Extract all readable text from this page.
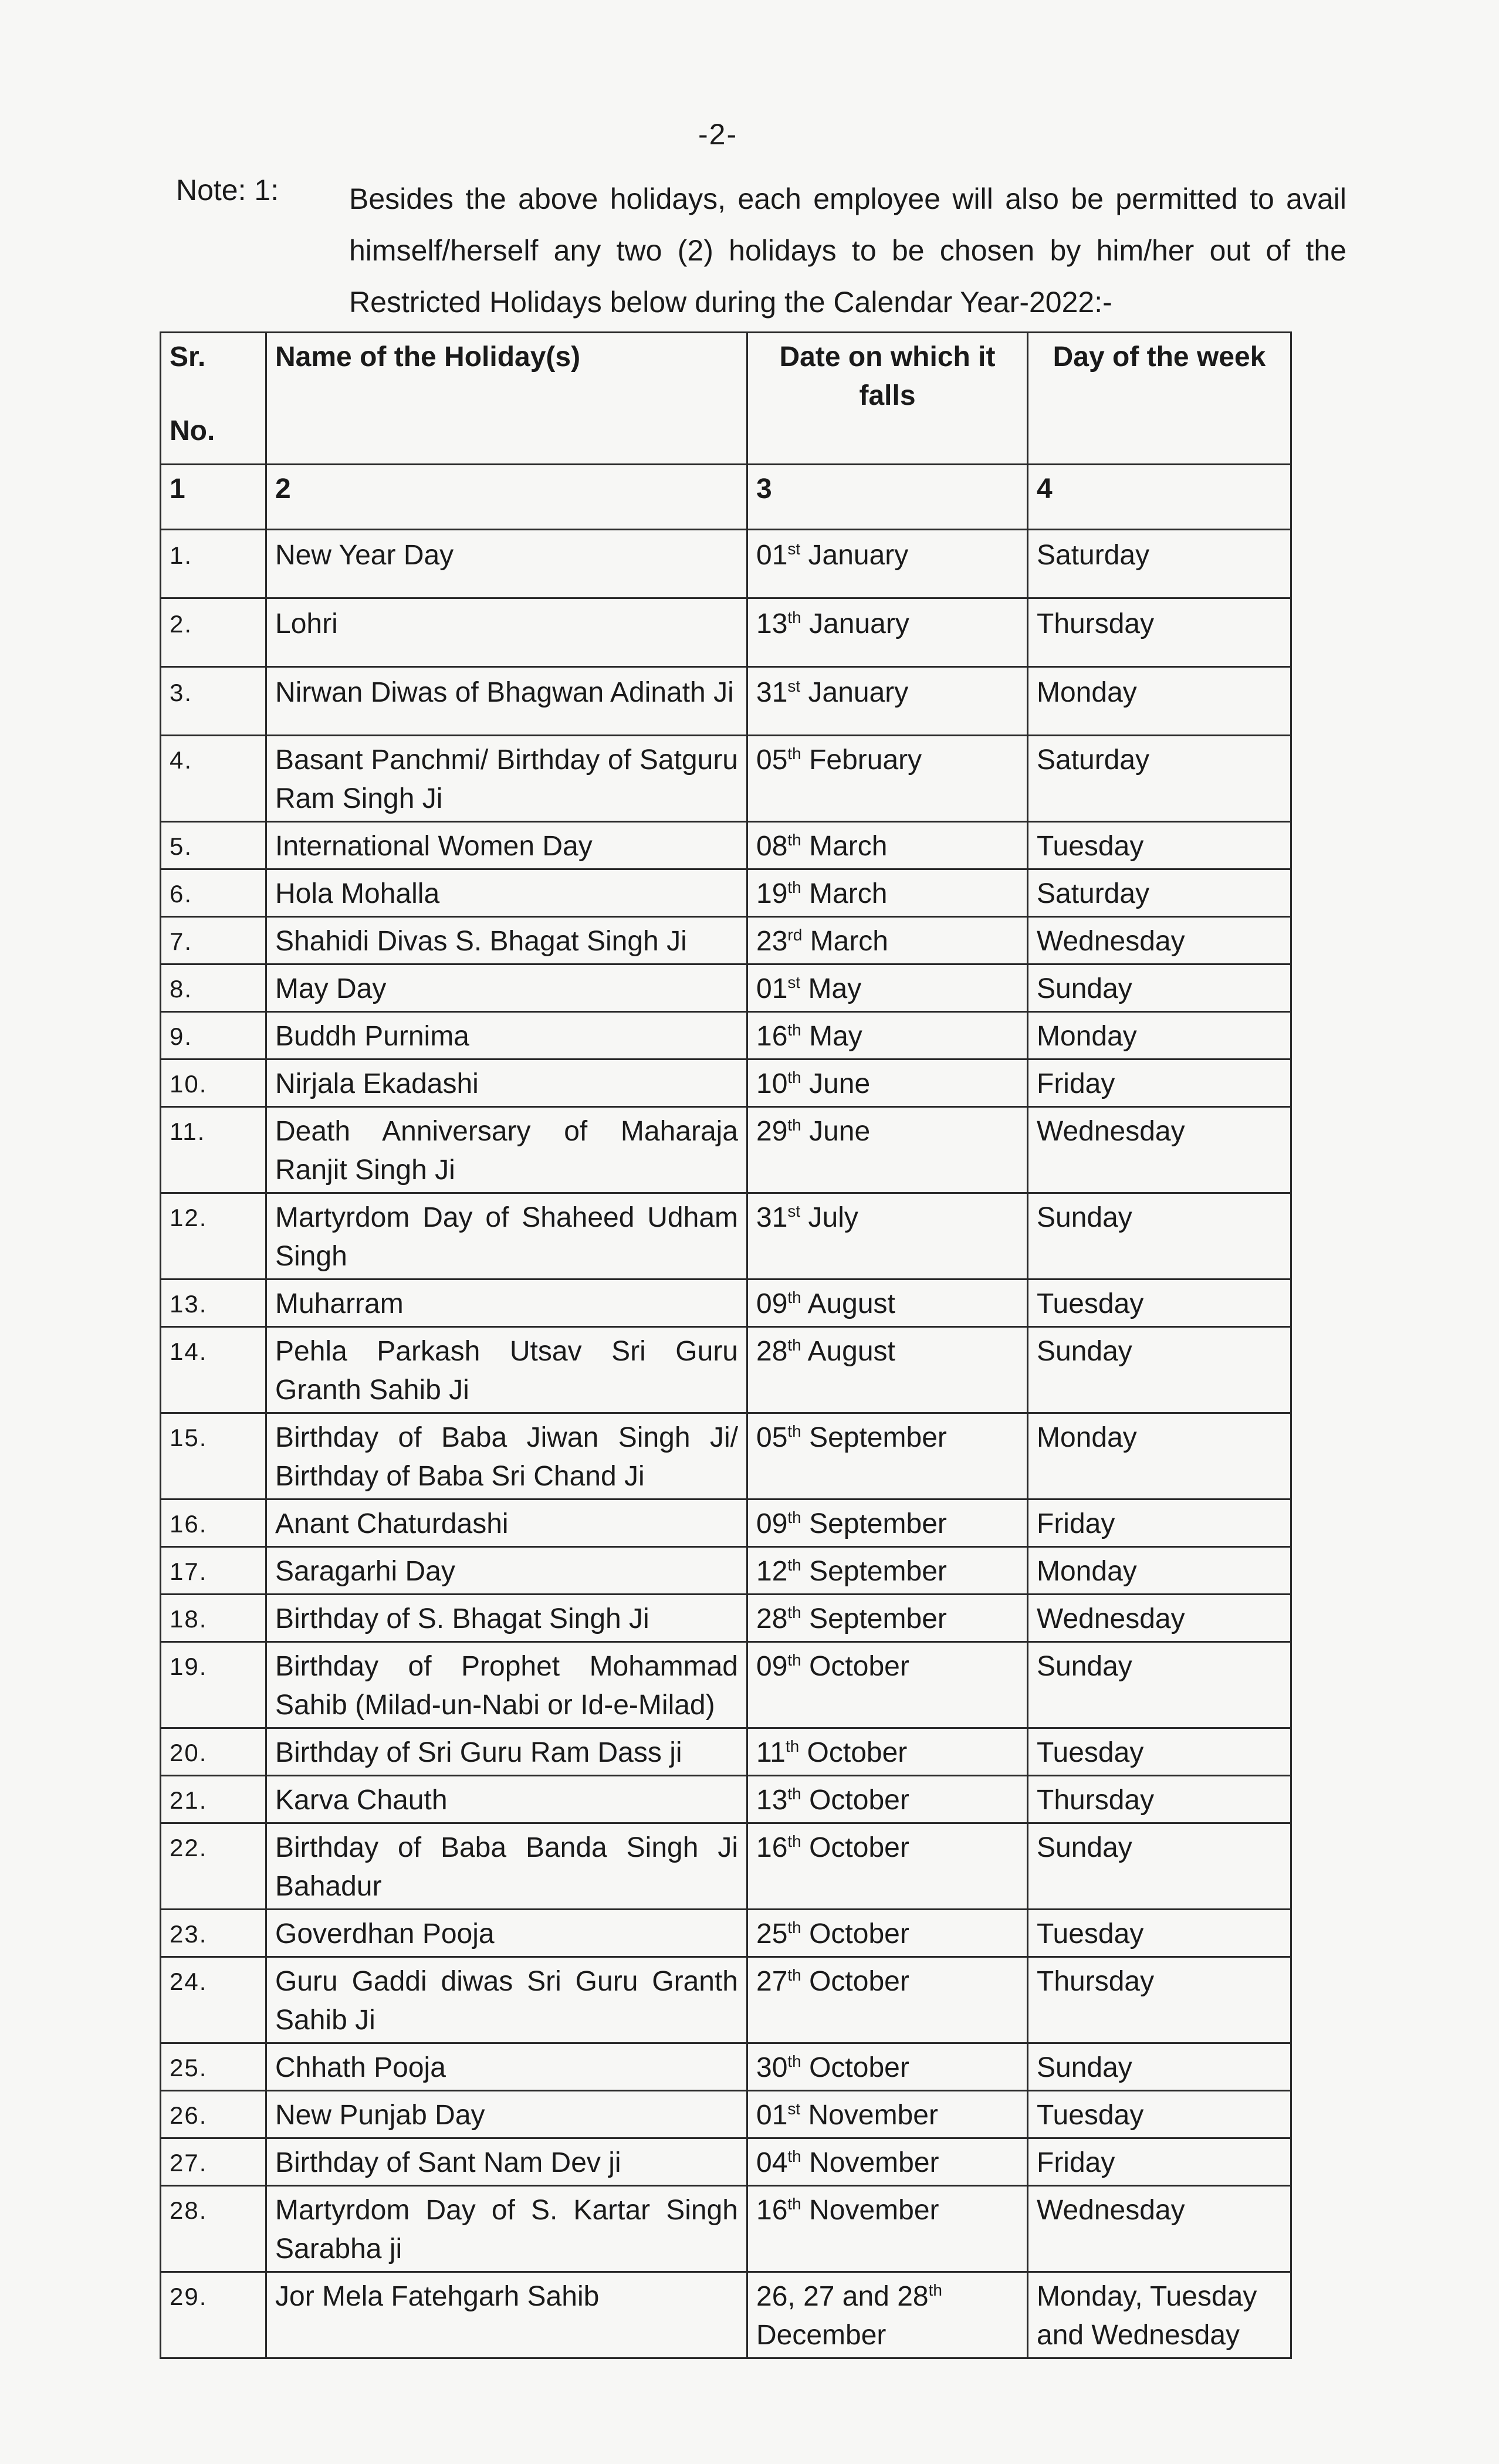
-2-
Note: 1: Besides the above holidays, each employee will also be permitted to avail
himself/herself any two (2) holidays to be chosen by him/her out of the
Restricted Holidays below during the Calendar Year-2022:-
Sr.
No.	Name of the Holiday(s)	Date on which it falls	Day of the week
1	2	3	4
1.	New Year Day	01st January	Saturday
2.	Lohri	13th January	Thursday
3.	Nirwan Diwas of Bhagwan Adinath Ji	31st January	Monday
4.	Basant Panchmi/ Birthday of Satguru Ram Singh Ji	05th February	Saturday
5.	International Women Day	08th March	Tuesday
6.	Hola Mohalla	19th March	Saturday
7.	Shahidi Divas S. Bhagat Singh Ji	23rd March	Wednesday
8.	May Day	01st May	Sunday
9.	Buddh Purnima	16th May	Monday
10.	Nirjala Ekadashi	10th June	Friday
11.	Death Anniversary of Maharaja Ranjit Singh Ji	29th June	Wednesday
12.	Martyrdom Day of Shaheed Udham Singh	31st July	Sunday
13.	Muharram	09th August	Tuesday
14.	Pehla Parkash Utsav Sri Guru Granth Sahib Ji	28th August	Sunday
15.	Birthday of Baba Jiwan Singh Ji/ Birthday of Baba Sri Chand Ji	05th September	Monday
16.	Anant Chaturdashi	09th September	Friday
17.	Saragarhi Day	12th September	Monday
18.	Birthday of S. Bhagat Singh Ji	28th September	Wednesday
19.	Birthday of Prophet Mohammad Sahib (Milad-un-Nabi or Id-e-Milad)	09th October	Sunday
20.	Birthday of Sri Guru Ram Dass ji	11th October	Tuesday
21.	Karva Chauth	13th October	Thursday
22.	Birthday of Baba Banda Singh Ji Bahadur	16th October	Sunday
23.	Goverdhan Pooja	25th October	Tuesday
24.	Guru Gaddi diwas Sri Guru Granth Sahib Ji	27th October	Thursday
25.	Chhath Pooja	30th October	Sunday
26.	New Punjab Day	01st November	Tuesday
27.	Birthday of Sant Nam Dev ji	04th November	Friday
28.	Martyrdom Day of S. Kartar Singh Sarabha ji	16th November	Wednesday
29.	Jor Mela Fatehgarh Sahib	26, 27 and 28th December	Monday, Tuesday and Wednesday
